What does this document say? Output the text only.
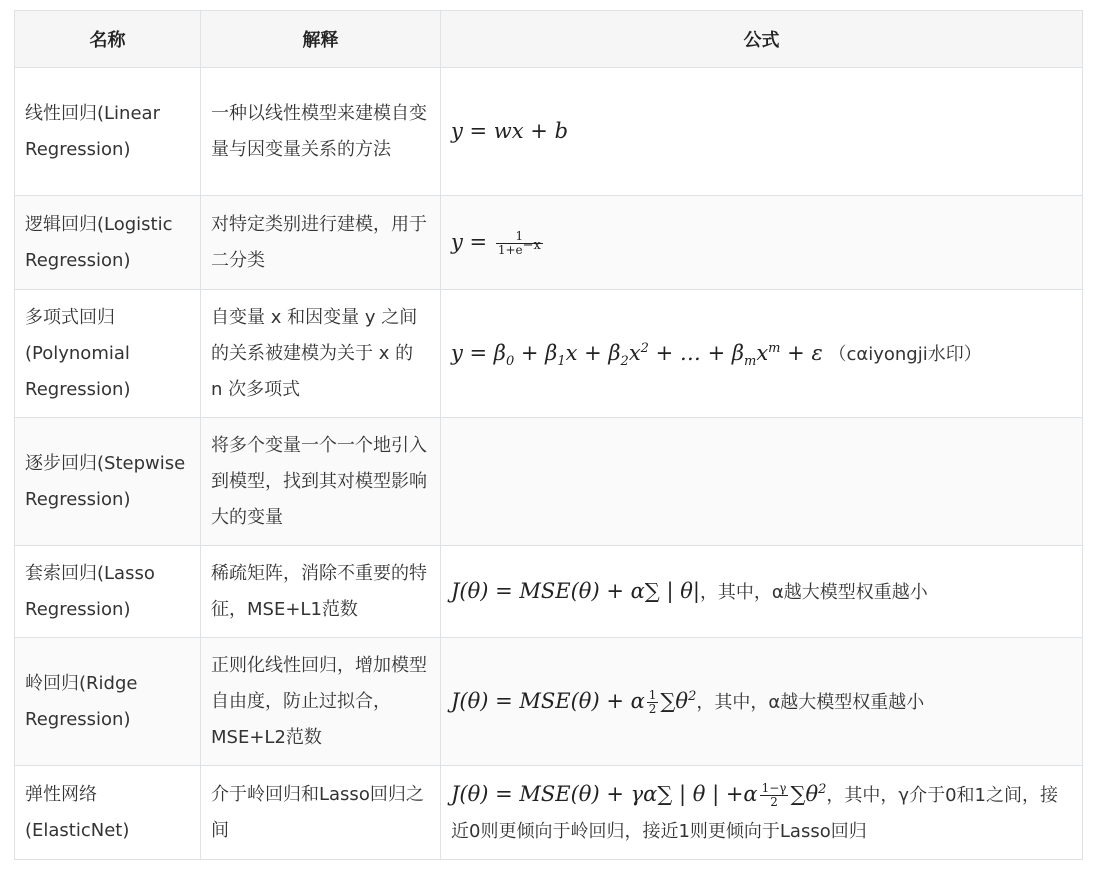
名称	解释	公式
线性回归(Linear Regression)	一种以线性模型来建模自变量与因变量关系的方法	y = wx + b
逻辑回归(Logistic Regression)	对特定类别进行建模，用于二分类	$y = \frac{1}{1+e^{-x}}$

多项式回归(Polynomial Regression)	自变量 x 和因变量 y 之间的关系被建模为关于 x 的 n 次多项式	$y = \beta_0 + \beta_1x + \beta_2x^2$ + … + $\beta_mx^m + \varepsilon$ （cαiyongji水印）
逐步回归(Stepwise Regression)	将多个变量一个一个地引入到模型，找到其对模型影响大的变量	
套索回归(Lasso Regression)	稀疏矩阵，消除不重要的特征，MSE+L1范数	J(θ) = MSE(θ) + α∑ | θ|，其中，α越大模型权重越小
岭回归(Ridge Regression)	正则化线性回归，增加模型自由度，防止过拟合，MSE+L2范数	J(θ) = MSE(θ) + α $\frac{1}{2} \sum\theta^2$，其中，α越大模型权重越小
弹性网络(ElasticNet)	介于岭回归和Lasso回归之间	J(θ) = MSE(θ) + γα∑ | θ | $+\alpha \frac{1-\gamma}{2} \sum\theta^2$，其中，γ介于0和1之间，接近0则更倾向于岭回归，接近1则更倾向于Lasso回归
